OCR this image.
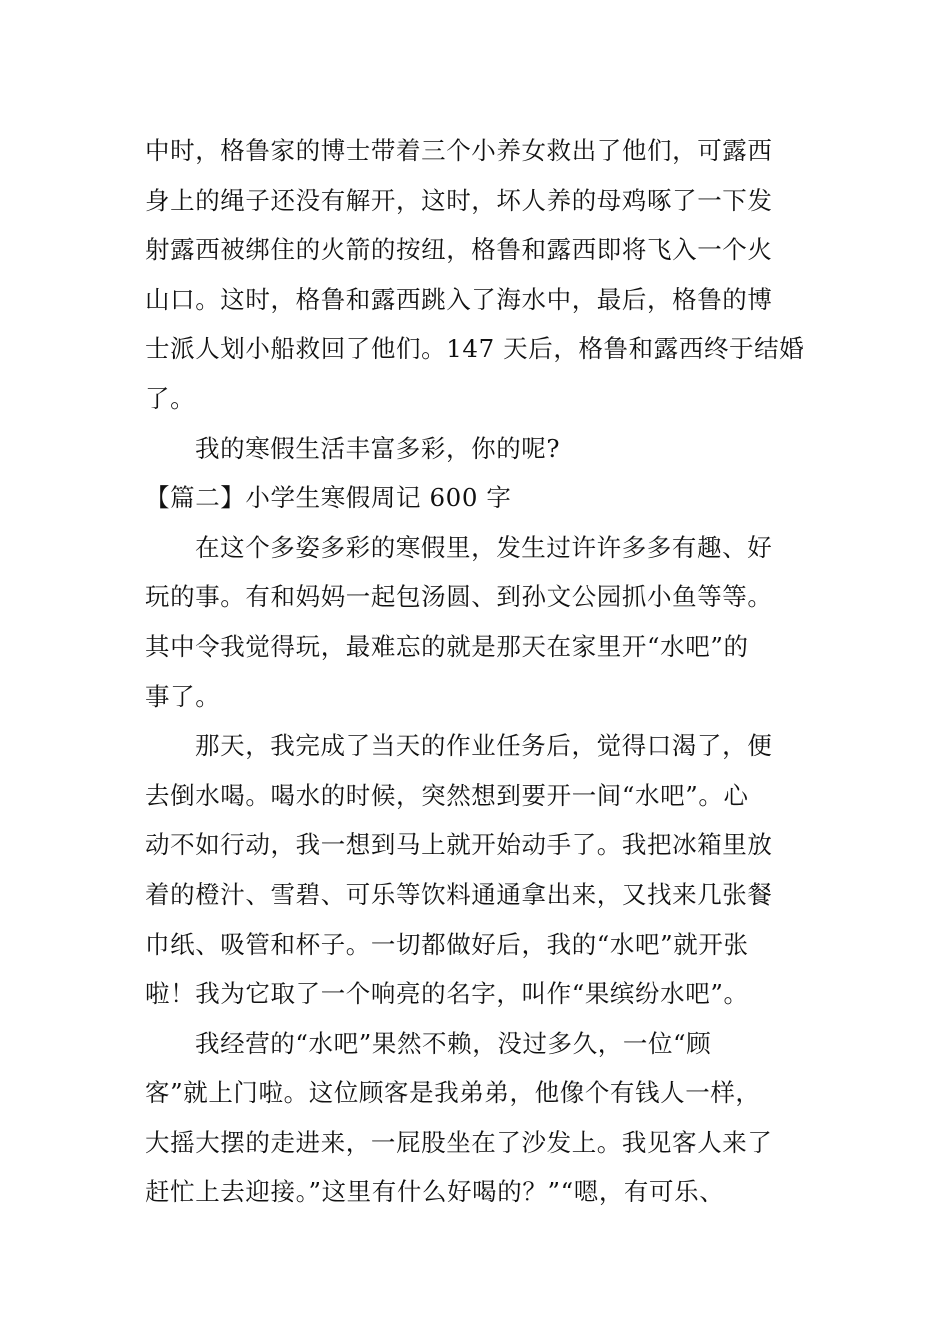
中时，格鲁家的博士带着三个小养女救出了他们，可露西
身上的绳子还没有解开，这时，坏人养的母鸡啄了一下发
射露西被绑住的火箭的按纽，格鲁和露西即将飞入一个火
山口。这时，格鲁和露西跳入了海水中，最后，格鲁的博
士派人划小船救回了他们。147 天后，格鲁和露西终于结婚
了。
我的寒假生活丰富多彩，你的呢?
【篇二】小学生寒假周记 600 字
在这个多姿多彩的寒假里，发生过许许多多有趣、好
玩的事。有和妈妈一起包汤圆、到孙文公园抓小鱼等等。
其中令我觉得玩，最难忘的就是那天在家里开“水吧”的
事了。
那天，我完成了当天的作业任务后，觉得口渴了，便
去倒水喝。喝水的时候，突然想到要开一间“水吧”。心
动不如行动，我一想到马上就开始动手了。我把冰箱里放
着的橙汁、雪碧、可乐等饮料通通拿出来，又找来几张餐
巾纸、吸管和杯子。一切都做好后，我的“水吧”就开张
啦！我为它取了一个响亮的名字，叫作“果缤纷水吧”。
我经营的“水吧”果然不赖，没过多久，一位“顾
客”就上门啦。这位顾客是我弟弟，他像个有钱人一样，
大摇大摆的走进来，一屁股坐在了沙发上。我见客人来了
赶忙上去迎接。”这里有什么好喝的？”“嗯，有可乐、
